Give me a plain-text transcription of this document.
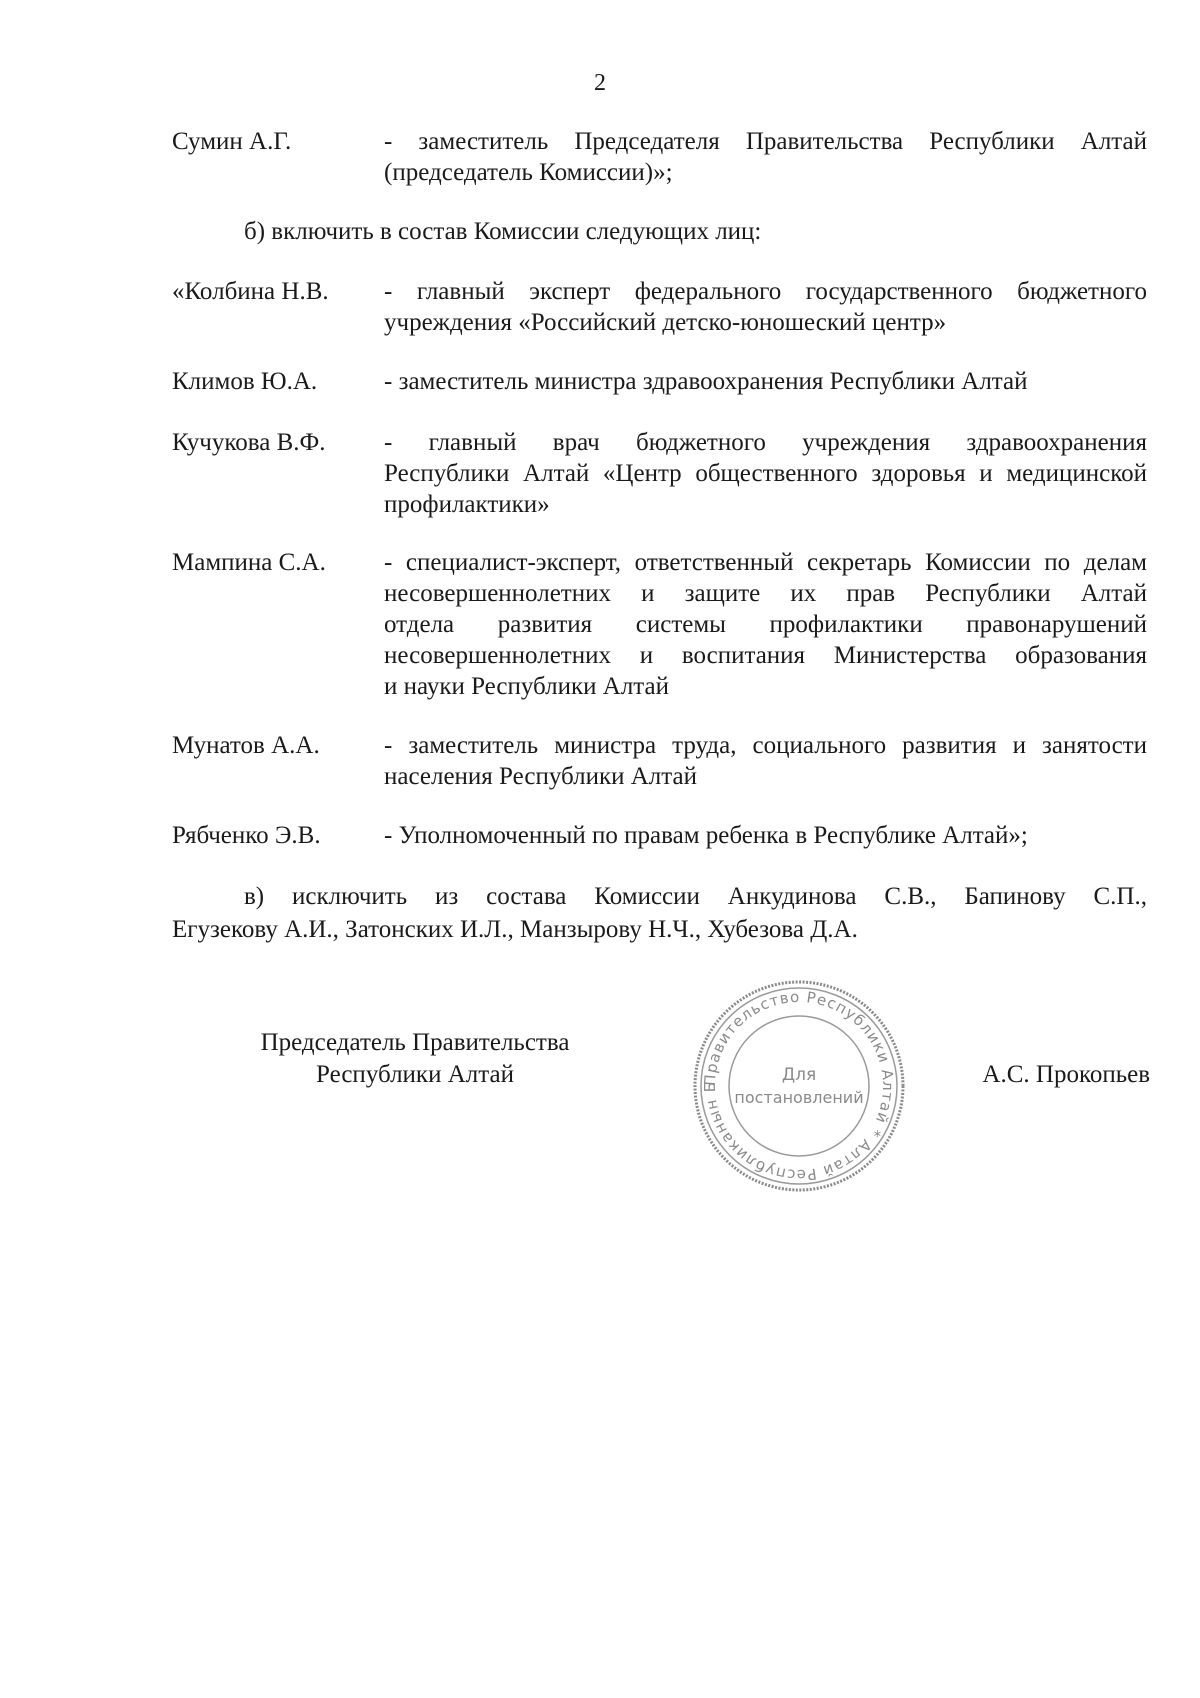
2
Сумин А.Г.	- заместитель Председателя Правительства Республики Алтай
(председатель Комиссии)»;
б) включить в состав Комиссии следующих лиц:
«Колбина Н.В.	- главный эксперт федерального государственного бюджетного
учреждения «Российский детско-юношеский центр»
Климов Ю.А.	- заместитель министра здравоохранения Республики Алтай
Кучукова В.Ф.	- главный врач бюджетного учреждения здравоохранения
Республики Алтай «Центр общественного здоровья и медицинской
профилактики»
Мампина С.А.	- специалист-эксперт, ответственный секретарь Комиссии по делам
несовершеннолетних и защите их прав Республики Алтай
отдела развития системы профилактики правонарушений
несовершеннолетних и воспитания Министерства образования
и науки Республики Алтай
Мунатов А.А.	- заместитель министра труда, социального развития и занятости
населения Республики Алтай
Рябченко Э.В.	- Уполномоченный по правам ребенка в Республике Алтай»;
в) исключить из состава Комиссии Анкудинова С.В., Бапинову С.П.,
Егузекову А.И., Затонских И.Л., Манзырову Н.Ч., Хубезова Д.А.
Председатель Правительства
Республики Алтай	Правительство Республики Алтай * Алтай Республиканын Б
Для
постановлений
А.С. Прокопьев
